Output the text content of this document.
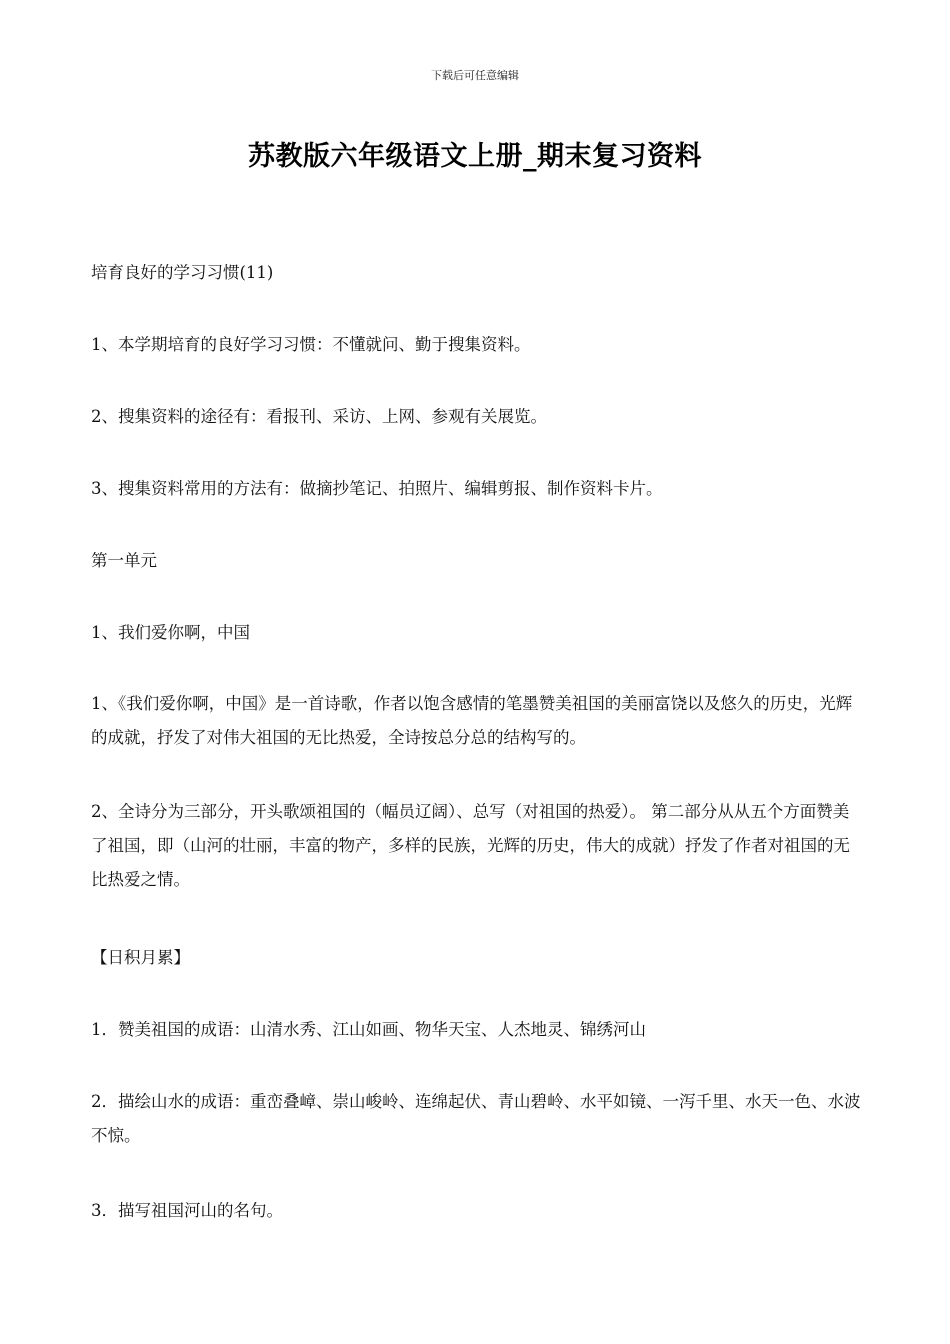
下载后可任意编辑
苏教版六年级语文上册_期末复习资料
培育良好的学习习惯(11)
1、本学期培育的良好学习习惯：不懂就问、勤于搜集资料。
2、搜集资料的途径有：看报刊、采访、上网、参观有关展览。
3、搜集资料常用的方法有：做摘抄笔记、拍照片、编辑剪报、制作资料卡片。
第一单元
1、我们爱你啊，中国
1、《我们爱你啊，中国》是一首诗歌，作者以饱含感情的笔墨赞美祖国的美丽富饶以及悠久的历史，光辉的成就，抒发了对伟大祖国的无比热爱，全诗按总分总的结构写的。
2、全诗分为三部分，开头歌颂祖国的（幅员辽阔）、总写（对祖国的热爱）。 第二部分从从五个方面赞美了祖国，即（山河的壮丽，丰富的物产，多样的民族，光辉的历史，伟大的成就）抒发了作者对祖国的无比热爱之情。
【日积月累】
1．赞美祖国的成语：山清水秀、江山如画、物华天宝、人杰地灵、锦绣河山
2．描绘山水的成语：重峦叠嶂、崇山峻岭、连绵起伏、青山碧岭、水平如镜、一泻千里、水天一色、水波不惊。
3．描写祖国河山的名句。
